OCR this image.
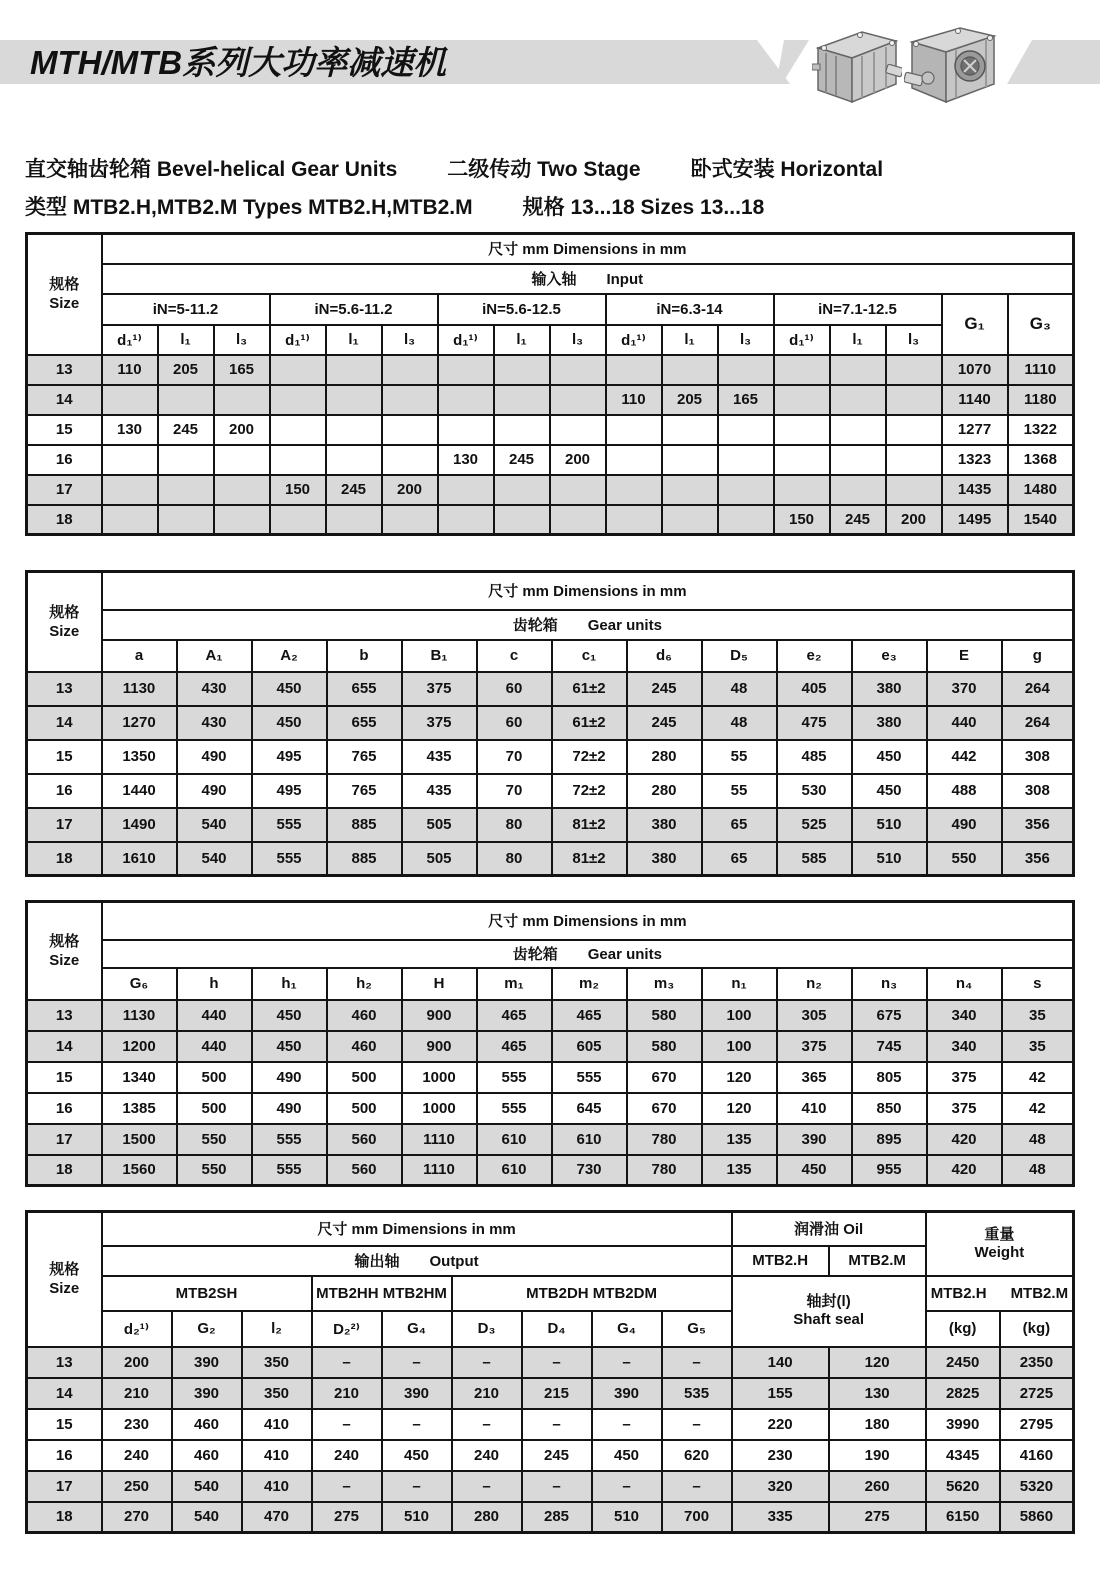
MTH/MTB系列大功率减速机
直交轴齿轮箱 Bevel-helical Gear Units 二级传动 Two Stage 卧式安装 Horizontal
类型 MTB2.H,MTB2.M Types MTB2.H,MTB2.M 规格 13...18 Sizes 13...18
规格
Size	尺寸 mm Dimensions in mm																
	输入轴 Input																
	iN=5-11.2			iN=5.6-11.2			iN=5.6-12.5			iN=6.3-14			iN=7.1-12.5			G₁	G₃
	d₁¹⁾	l₁	l₃	d₁¹⁾	l₁	l₃	d₁¹⁾	l₁	l₃	d₁¹⁾	l₁	l₃	d₁¹⁾	l₁	l₃		
13	110	205	165													1070	1110
14										110	205	165				1140	1180
15	130	245	200													1277	1322
16							130	245	200							1323	1368
17				150	245	200										1435	1480
18													150	245	200	1495	1540
规格
Size	尺寸 mm Dimensions in mm												
	齿轮箱 Gear units												
	a	A₁	A₂	b	B₁	c	c₁	d₆	D₅	e₂	e₃	E	g
13	1130	430	450	655	375	60	61±2	245	48	405	380	370	264
14	1270	430	450	655	375	60	61±2	245	48	475	380	440	264
15	1350	490	495	765	435	70	72±2	280	55	485	450	442	308
16	1440	490	495	765	435	70	72±2	280	55	530	450	488	308
17	1490	540	555	885	505	80	81±2	380	65	525	510	490	356
18	1610	540	555	885	505	80	81±2	380	65	585	510	550	356
规格
Size	尺寸 mm Dimensions in mm												
	齿轮箱 Gear units												
	G₆	h	h₁	h₂	H	m₁	m₂	m₃	n₁	n₂	n₃	n₄	s
13	1130	440	450	460	900	465	465	580	100	305	675	340	35
14	1200	440	450	460	900	465	605	580	100	375	745	340	35
15	1340	500	490	500	1000	555	555	670	120	365	805	375	42
16	1385	500	490	500	1000	555	645	670	120	410	850	375	42
17	1500	550	555	560	1110	610	610	780	135	390	895	420	48
18	1560	550	555	560	1110	610	730	780	135	450	955	420	48
规格
Size
	尺寸 mm Dimensions in mm	润滑油 Oil	重量
Weight

	输出轴 Output									MTB2.H	MTB2.M		
	MTB2SH			MTB2HH MTB2HM		MTB2DH MTB2DM				轴封(l)
Shaft seal		MTB2.H MTB2.M	
	d₂¹⁾	G₂	l₂	D₂²⁾	G₄	D₃	D₄	G₄	G₅			(kg)	(kg)
13	200	390	350	–	–	–	–	–	–	140	120	2450	2350
14	210	390	350	210	390	210	215	390	535	155	130	2825	2725
15	230	460	410	–	–	–	–	–	–	220	180	3990	2795
16	240	460	410	240	450	240	245	450	620	230	190	4345	4160
17	250	540	410	–	–	–	–	–	–	320	260	5620	5320
18	270	540	470	275	510	280	285	510	700	335	275	6150	5860
